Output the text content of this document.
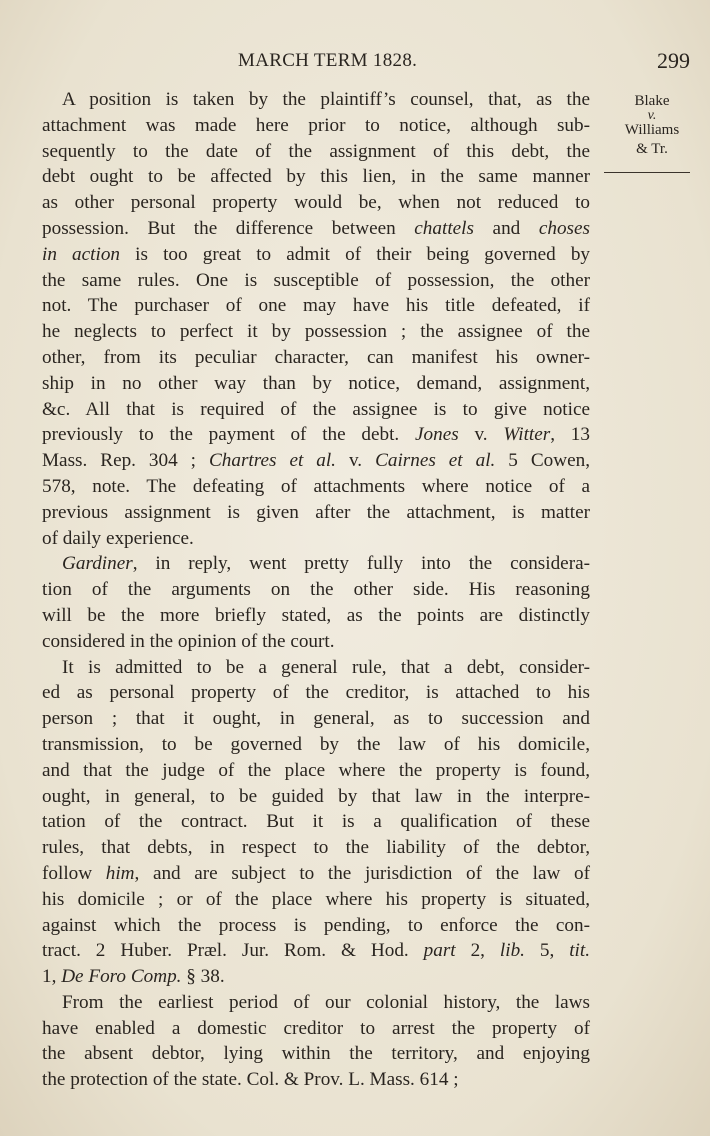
MARCH TERM 1828.	299
Blake
v.
Williams
& Tr.
A position is taken by the plaintiff’s counsel, that, as the
attachment was made here prior to notice, although sub-
sequently to the date of the assignment of this debt, the
debt ought to be affected by this lien, in the same manner
as other personal property would be, when not reduced to
possession. But the difference between chattels and choses
in action is too great to admit of their being governed by
the same rules. One is susceptible of possession, the other
not. The purchaser of one may have his title defeated, if
he neglects to perfect it by possession ; the assignee of the
other, from its peculiar character, can manifest his owner-
ship in no other way than by notice, demand, assignment,
&c. All that is required of the assignee is to give notice
previously to the payment of the debt. Jones v. Witter, 13
Mass. Rep. 304 ; Chartres et al. v. Cairnes et al. 5 Cowen,
578, note. The defeating of attachments where notice of a
previous assignment is given after the attachment, is matter
of daily experience.
Gardiner, in reply, went pretty fully into the considera-
tion of the arguments on the other side. His reasoning
will be the more briefly stated, as the points are distinctly
considered in the opinion of the court.
It is admitted to be a general rule, that a debt, consider-
ed as personal property of the creditor, is attached to his
person ; that it ought, in general, as to succession and
transmission, to be governed by the law of his domicile,
and that the judge of the place where the property is found,
ought, in general, to be guided by that law in the interpre-
tation of the contract. But it is a qualification of these
rules, that debts, in respect to the liability of the debtor,
follow him, and are subject to the jurisdiction of the law of
his domicile ; or of the place where his property is situated,
against which the process is pending, to enforce the con-
tract. 2 Huber. Præl. Jur. Rom. & Hod. part 2, lib. 5, tit.
1, De Foro Comp. § 38.
From the earliest period of our colonial history, the laws
have enabled a domestic creditor to arrest the property of
the absent debtor, lying within the territory, and enjoying
the protection of the state. Col. & Prov. L. Mass. 614 ;
